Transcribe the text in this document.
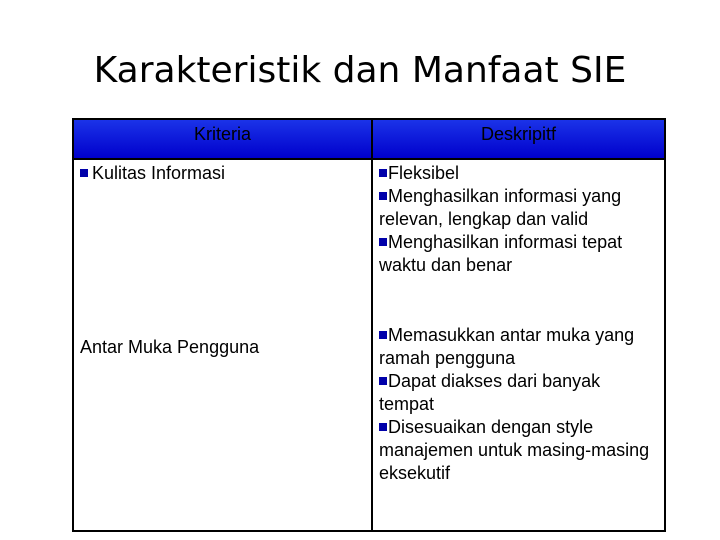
Karakteristik dan Manfaat SIE
Kriteria	Deskripitf

Kulitas Informasi	Fleksibel

Menghasilkan informasi yang relevan, lengkap dan valid

Menghasilkan informasi tepat waktu dan benar

Antar Muka Pengguna

Memasukkan antar muka yang ramah pengguna

Dapat diakses dari banyak tempat

Disesuaikan dengan style manajemen untuk masing-masing eksekutif
